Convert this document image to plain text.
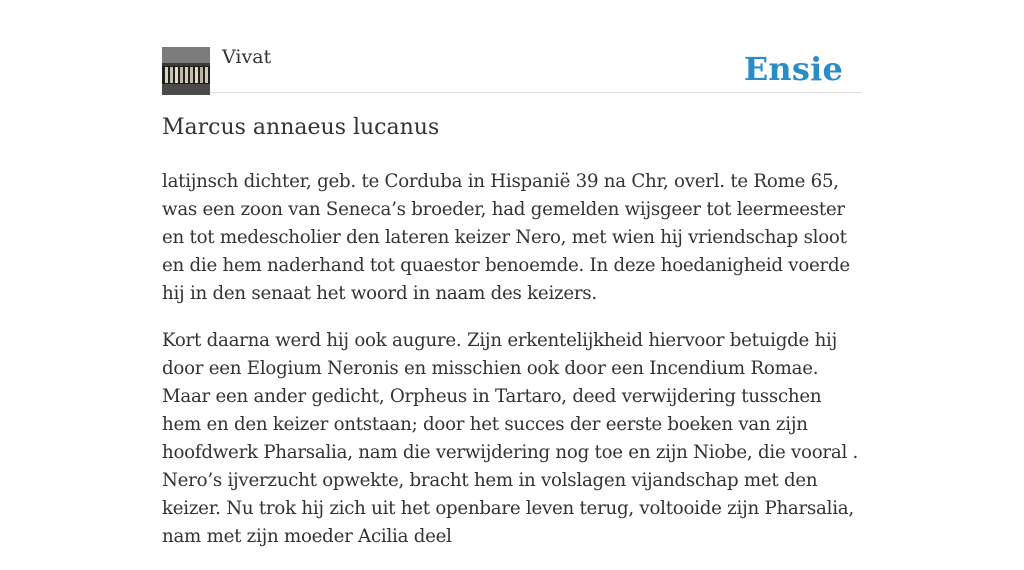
Vivat	Ensie
Marcus annaeus lucanus

latijnsch dichter, geb. te Corduba in Hispanië 39 na Chr, overl. te Rome 65, was een zoon van Seneca’s broeder, had gemelden wijsgeer tot leermeester en tot medescholier den lateren keizer Nero, met wien hij vriendschap sloot en die hem naderhand tot quaestor benoemde. In deze hoedanigheid voerde hij in den senaat het woord in naam des keizers.

Kort daarna werd hij ook augure. Zijn erkentelijkheid hiervoor betuigde hij door een Elogium Neronis en misschien ook door een Incendium Romae. Maar een ander gedicht, Orpheus in Tartaro, deed verwijdering tusschen hem en den keizer ontstaan; door het succes der eerste boeken van zijn hoofdwerk Pharsalia, nam die verwijdering nog toe en zijn Niobe, die vooral . Nero’s ijverzucht opwekte, bracht hem in volslagen vijandschap met den keizer. Nu trok hij zich uit het openbare leven terug, voltooide zijn Pharsalia, nam met zijn moeder Acilia deel
